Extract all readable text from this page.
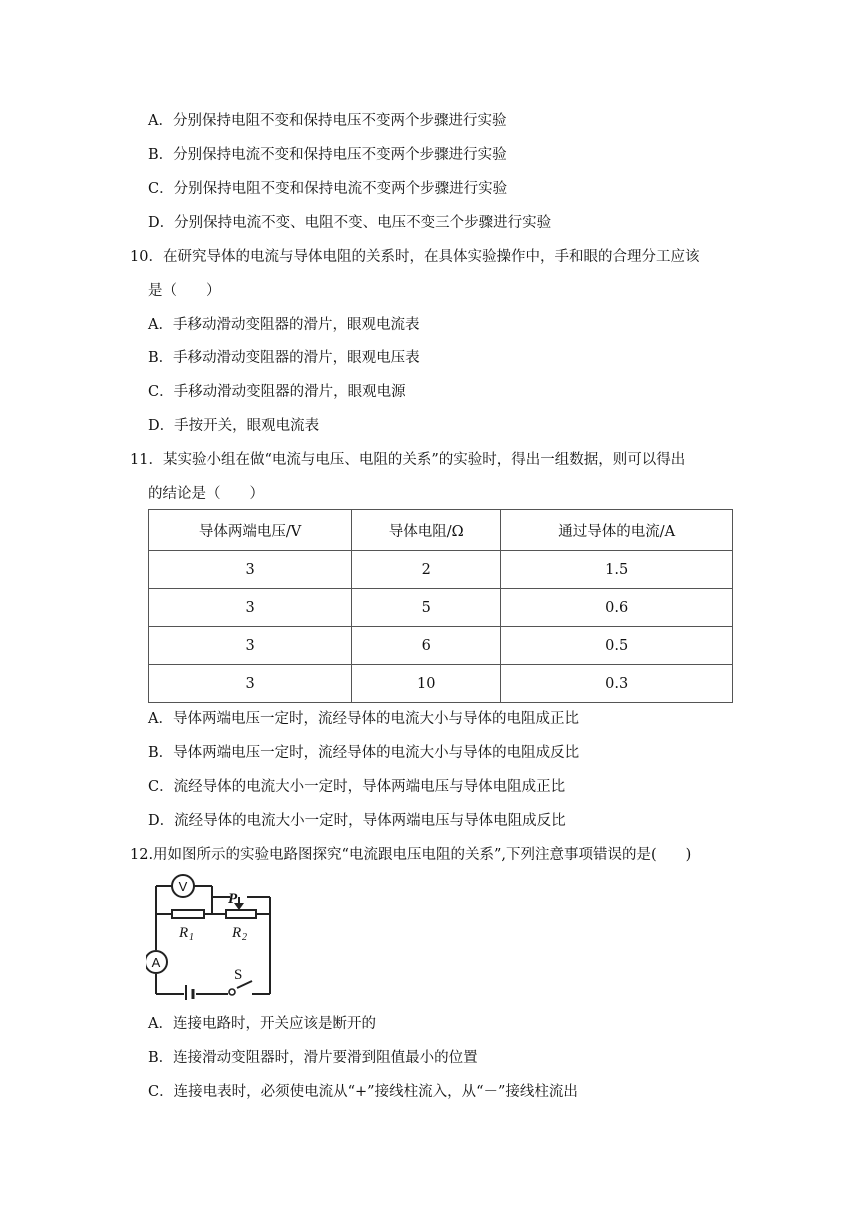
A．分别保持电阻不变和保持电压不变两个步骤进行实验
B．分别保持电流不变和保持电压不变两个步骤进行实验
C．分别保持电阻不变和保持电流不变两个步骤进行实验
D．分别保持电流不变、电阻不变、电压不变三个步骤进行实验
10．在研究导体的电流与导体电阻的关系时，在具体实验操作中，手和眼的合理分工应该
是（　　）
A．手移动滑动变阻器的滑片，眼观电流表
B．手移动滑动变阻器的滑片，眼观电压表
C．手移动滑动变阻器的滑片，眼观电源
D．手按开关，眼观电流表
11．某实验小组在做“电流与电压、电阻的关系”的实验时，得出一组数据，则可以得出
的结论是（　　）
导体两端电压/V	导体电阻/Ω	通过导体的电流/A
3	2	1.5
3	5	0.6
3	6	0.5
3	10	0.3
A．导体两端电压一定时，流经导体的电流大小与导体的电阻成正比
B．导体两端电压一定时，流经导体的电流大小与导体的电阻成反比
C．流经导体的电流大小一定时，导体两端电压与导体电阻成正比
D．流经导体的电流大小一定时，导体两端电压与导体电阻成反比
12.用如图所示的实验电路图探究“电流跟电压电阻的关系”,下列注意事项错误的是(　　)
V
P
R 1	R 2
A
S
A．连接电路时，开关应该是断开的
B．连接滑动变阻器时，滑片要滑到阻值最小的位置
C．连接电表时，必须使电流从“+”接线柱流入，从“－”接线柱流出
